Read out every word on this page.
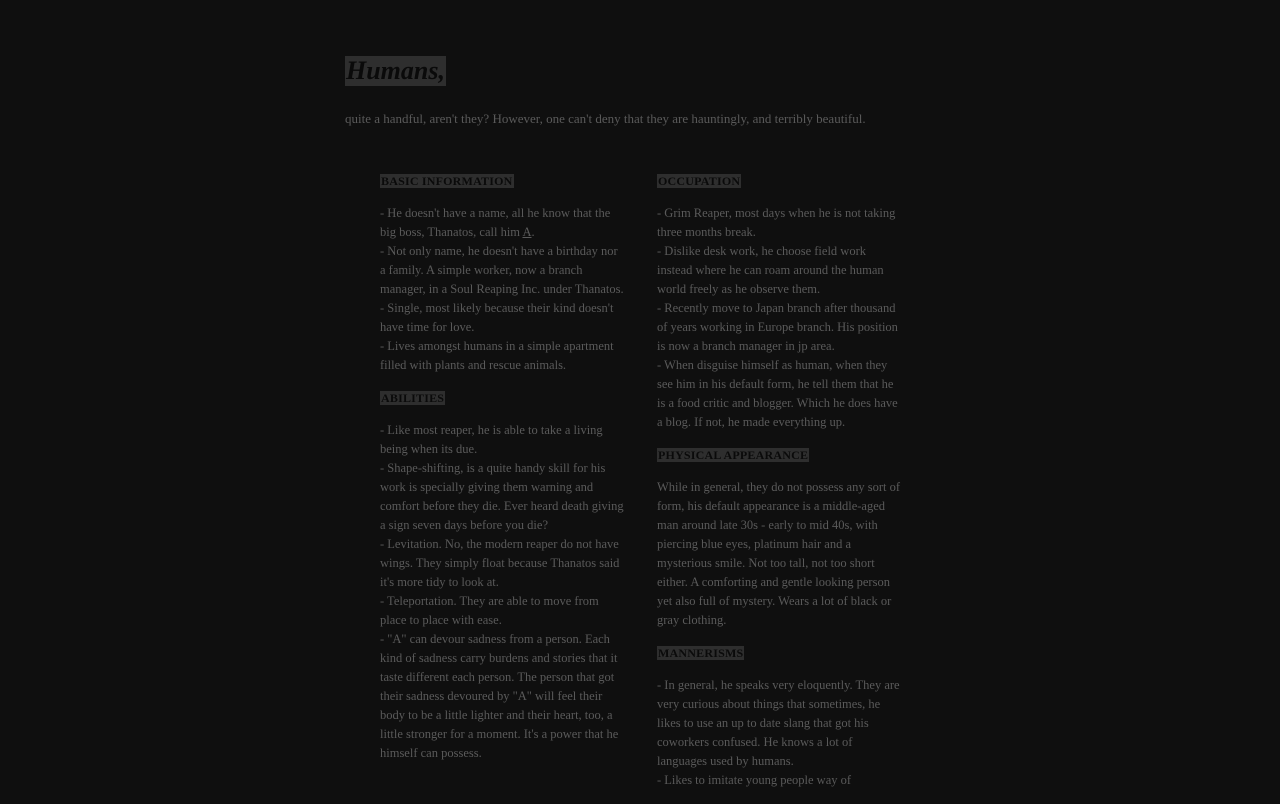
Humans,

quite a handful, aren't they? However, one can't deny that they are hauntingly, and terribly beautiful.

BASIC INFORMATION

- He doesn't have a name, all he know that the big boss, Thanatos, call him A.

- Not only name, he doesn't have a birthday nor a family. A simple worker, now a branch manager, in a Soul Reaping Inc. under Thanatos.

- Single, most likely because their kind doesn't have time for love.

- Lives amongst humans in a simple apartment filled with plants and rescue animals.

ABILITIES

- Like most reaper, he is able to take a living being when its due.

- Shape-shifting, is a quite handy skill for his work is specially giving them warning and comfort before they die. Ever heard death giving a sign seven days before you die?

- Levitation. No, the modern reaper do not have wings. They simply float because Thanatos said it's more tidy to look at.

- Teleportation. They are able to move from place to place with ease.

- "A" can devour sadness from a person. Each kind of sadness carry burdens and stories that it taste different each person. The person that got their sadness devoured by "A" will feel their body to be a little lighter and their heart, too, a little stronger for a moment. It's a power that he himself can possess.

OCCUPATION

- Grim Reaper, most days when he is not taking three months break.

- Dislike desk work, he choose field work instead where he can roam around the human world freely as he observe them.

- Recently move to Japan branch after thousand of years working in Europe branch. His position is now a branch manager in jp area.

- When disguise himself as human, when they see him in his default form, he tell them that he is a food critic and blogger. Which he does have a blog. If not, he made everything up.

PHYSICAL APPEARANCE

While in general, they do not possess any sort of form, his default appearance is a middle-aged man around late 30s - early to mid 40s, with piercing blue eyes, platinum hair and a mysterious smile. Not too tall, not too short either. A comforting and gentle looking person yet also full of mystery. Wears a lot of black or gray clothing.

MANNERISMS

- In general, he speaks very eloquently. They are very curious about things that sometimes, he likes to use an up to date slang that got his coworkers confused. He knows a lot of languages used by humans.

- Likes to imitate young people way of
